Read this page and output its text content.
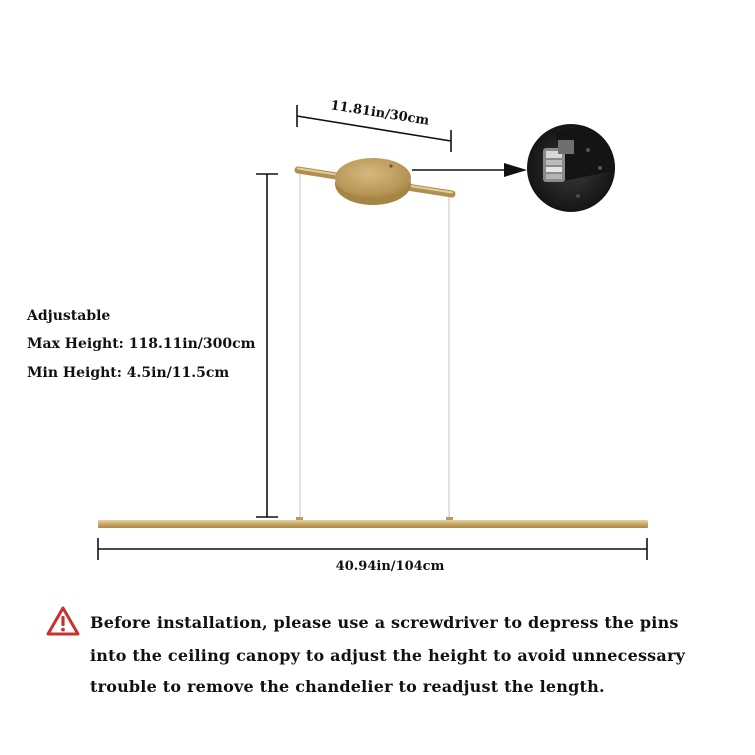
11.81in/30cm
Adjustable
Max Height: 118.11in/300cm
Min Height: 4.5in/11.5cm
40.94in/104cm
Before installation, please use a screwdriver to depress the pins
into the ceiling canopy to adjust the height to avoid unnecessary
trouble to remove the chandelier to readjust the length.
